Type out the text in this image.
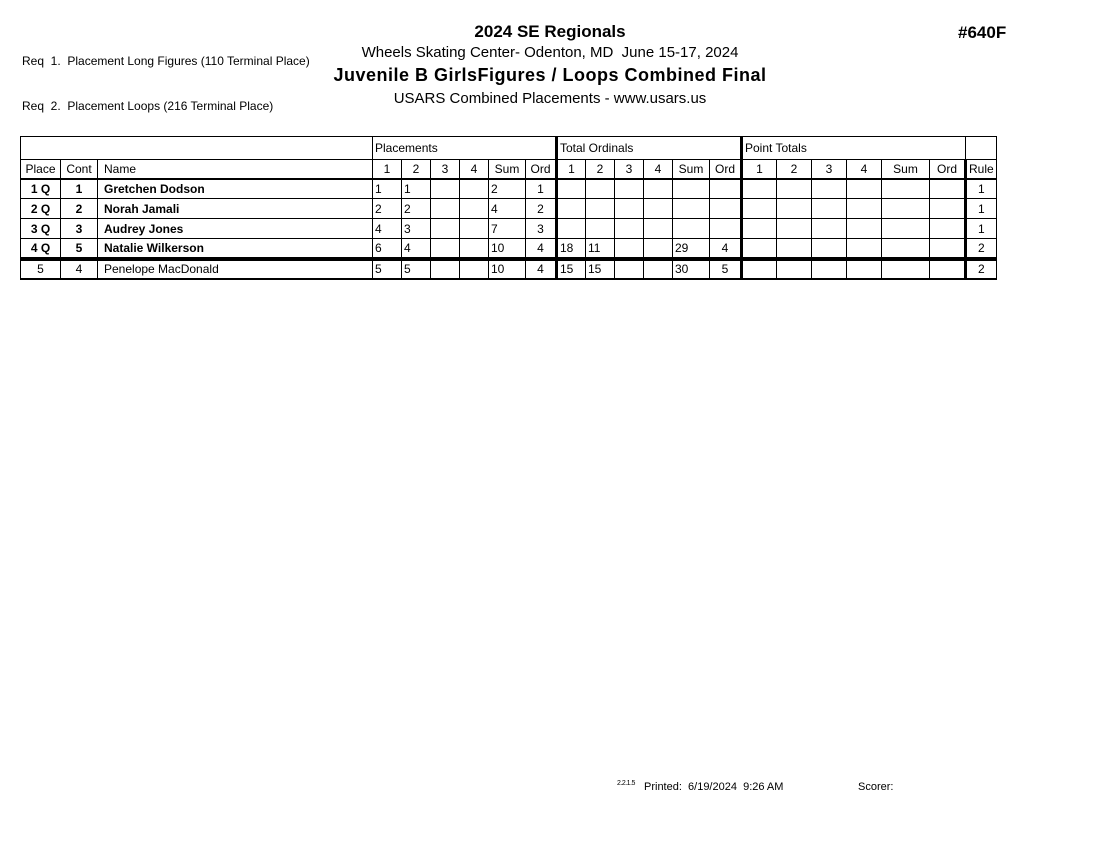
Req  1.  Placement Long Figures (110 Terminal Place)

Req  2.  Placement Loops (216 Terminal Place)

2024 SE Regionals
Wheels Skating Center- Odenton, MD  June 15-17, 2024
Juvenile B GirlsFigures / Loops Combined Final
USARS Combined Placements - www.usars.us
#640F
			Placements						Total Ordinals						Point Totals						
Place	Cont	Name	1	2	3	4	Sum	Ord	1	2	3	4	Sum	Ord	1	2	3	4	Sum	Ord	Rule
1 Q	1	Gretchen Dodson	1	1			2	1													1
2 Q	2	Norah Jamali	2	2			4	2													1
3 Q	3	Audrey Jones	4	3			7	3													1
4 Q	5	Natalie Wilkerson	6	4			10	4	18	11			29	4							2
5	4	Penelope MacDonald	5	5			10	4	15	15			30	5							2
2.2.1.5 Printed:  6/19/2024  9:26 AM	Scorer:
